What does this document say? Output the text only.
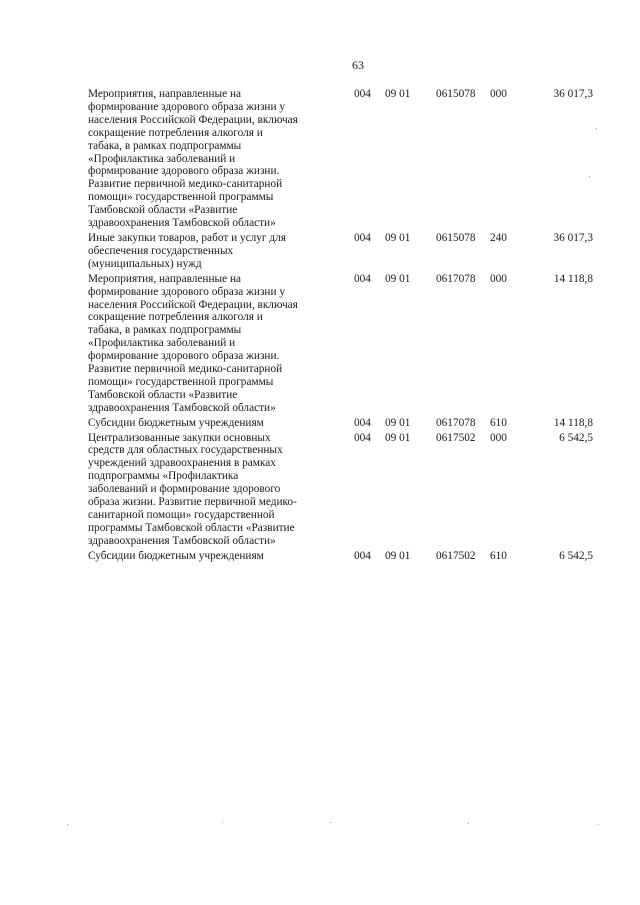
63
Мероприятия, направленные на
формирование здорового образа жизни у
населения Российской Федерации, включая
сокращение потребления алкоголя и
табака, в рамках подпрограммы
«Профилактика заболеваний и
формирование здорового образа жизни.
Развитие первичной медико-санитарной
помощи» государственной программы
Тамбовской области «Развитие
здравоохранения Тамбовской области»
004 09 01 0615078 000	36 017,3
Иные закупки товаров, работ и услуг для
обеспечения государственных
(муниципальных) нужд
004 09 01 0615078 240	36 017,3
Мероприятия, направленные на
формирование здорового образа жизни у
населения Российской Федерации, включая
сокращение потребления алкоголя и
табака, в рамках подпрограммы
«Профилактика заболеваний и
формирование здорового образа жизни.
Развитие первичной медико-санитарной
помощи» государственной программы
Тамбовской области «Развитие
здравоохранения Тамбовской области»
004 09 01 0617078 000	14 118,8
Субсидии бюджетным учреждениям	004 09 01 0617078 610	14 118,8
Централизованные закупки основных
средств для областных государственных
учреждений здравоохранения в рамках
подпрограммы «Профилактика
заболеваний и формирование здорового
образа жизни. Развитие первичной медико-
санитарной помощи» государственной
программы Тамбовской области «Развитие
здравоохранения Тамбовской области»
004 09 01 0617502 000	6 542,5
Субсидии бюджетным учреждениям	004 09 01 0617502 610	6 542,5
